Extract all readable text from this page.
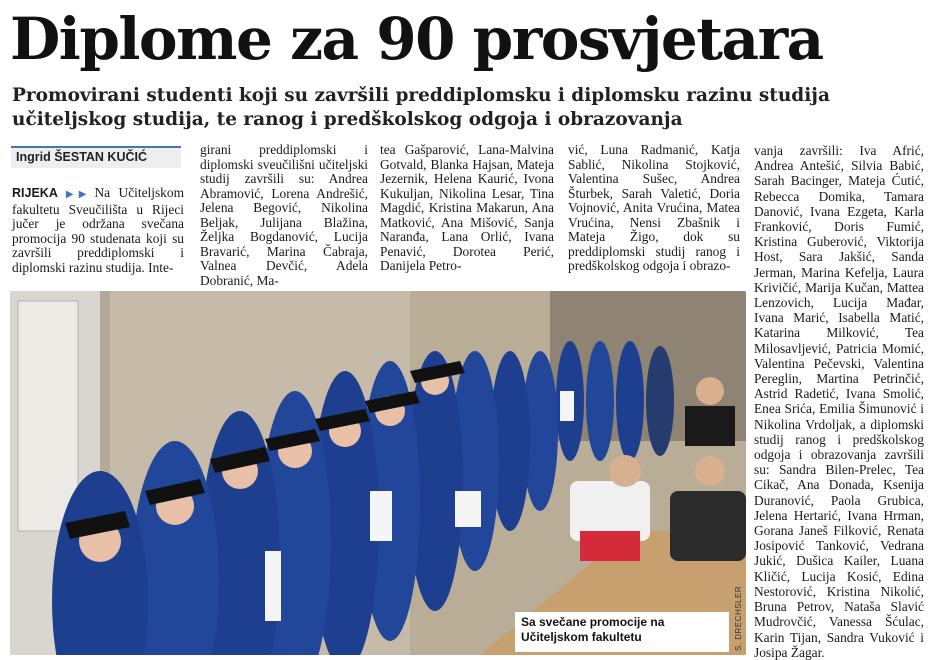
Diplome za 90 prosvjetara

Promovirani studenti koji su završili preddiplomsku i diplomsku razinu studija učiteljskog studija, te ranog i predškolskog odgoja i obrazovanja

Ingrid ŠESTAN KUČIĆ

RIJEKA ▶▶ Na Učiteljskom fakultetu Sveučilišta u Rijeci jučer je održana svečana promocija 90 studenata koji su završili preddiplomski i diplomski razinu studija. Inte-

girani preddiplomski i diplomski sveučilišni učiteljski studij završili su: Andrea Abramović, Lorena Andrešić, Jelena Begović, Nikolina Beljak, Julijana Blažina, Željka Bogdanović, Lucija Bravarić, Marina Čabraja, Valnea Devčić, Adela Dobranić, Ma-

tea Gašparović, Lana-Malvina Gotvald, Blanka Hajsan, Mateja Jezernik, Helena Kaurić, Ivona Kukuljan, Nikolina Lesar, Tina Magdić, Kristina Makarun, Ana Matković, Ana Mišović, Sanja Naranđa, Lana Orlić, Ivana Penavić, Dorotea Perić, Danijela Petro-

vić, Luna Radmanić, Katja Sablić, Nikolina Stojković, Valentina Sušec, Andrea Šturbek, Sarah Valetić, Doria Vojnović, Anita Vrućina, Matea Vrućina, Nensi Zbašnik i Mateja Žigo, dok su preddiplomski studij ranog i predškolskog odgoja i obrazo-

vanja završili: Iva Afrić, Andrea Antešić, Silvia Babić, Sarah Bacinger, Mateja Ćutić, Rebecca Domika, Tamara Danović, Ivana Ezgeta, Karla Franković, Doris Fumić, Kristina Guberović, Viktorija Host, Sara Jakšić, Sanda Jerman, Marina Kefelja, Laura Krivičić, Marija Kučan, Mattea Lenzovich, Lucija Mađar, Ivana Marić, Isabella Matić, Katarina Milković, Tea Milosavljević, Patricia Momić, Valentina Pečevski, Valentina Pereglin, Martina Petrinčić, Astrid Radetić, Ivana Smolić, Enea Srića, Emilia Šimunović i Nikolina Vrdoljak, a diplomski studij ranog i predškolskog odgoja i obrazovanja završili su: Sandra Bilen-Prelec, Tea Cikač, Ana Donada, Ksenija Duranović, Paola Grubica, Jelena Hertarić, Ivana Hrman, Gorana Janeš Filković, Renata Josipović Tanković, Vedrana Jukić, Dušica Kailer, Luana Kličić, Lucija Kosić, Edina Nestorović, Kristina Nikolić, Bruna Petrov, Nataša Slavić Mudrovčić, Vanessa Šćulac, Karin Tijan, Sandra Vuković i Josipa Žagar.

Sa svečane promocije na Učiteljskom fakultetu	S. DRECHSLER
